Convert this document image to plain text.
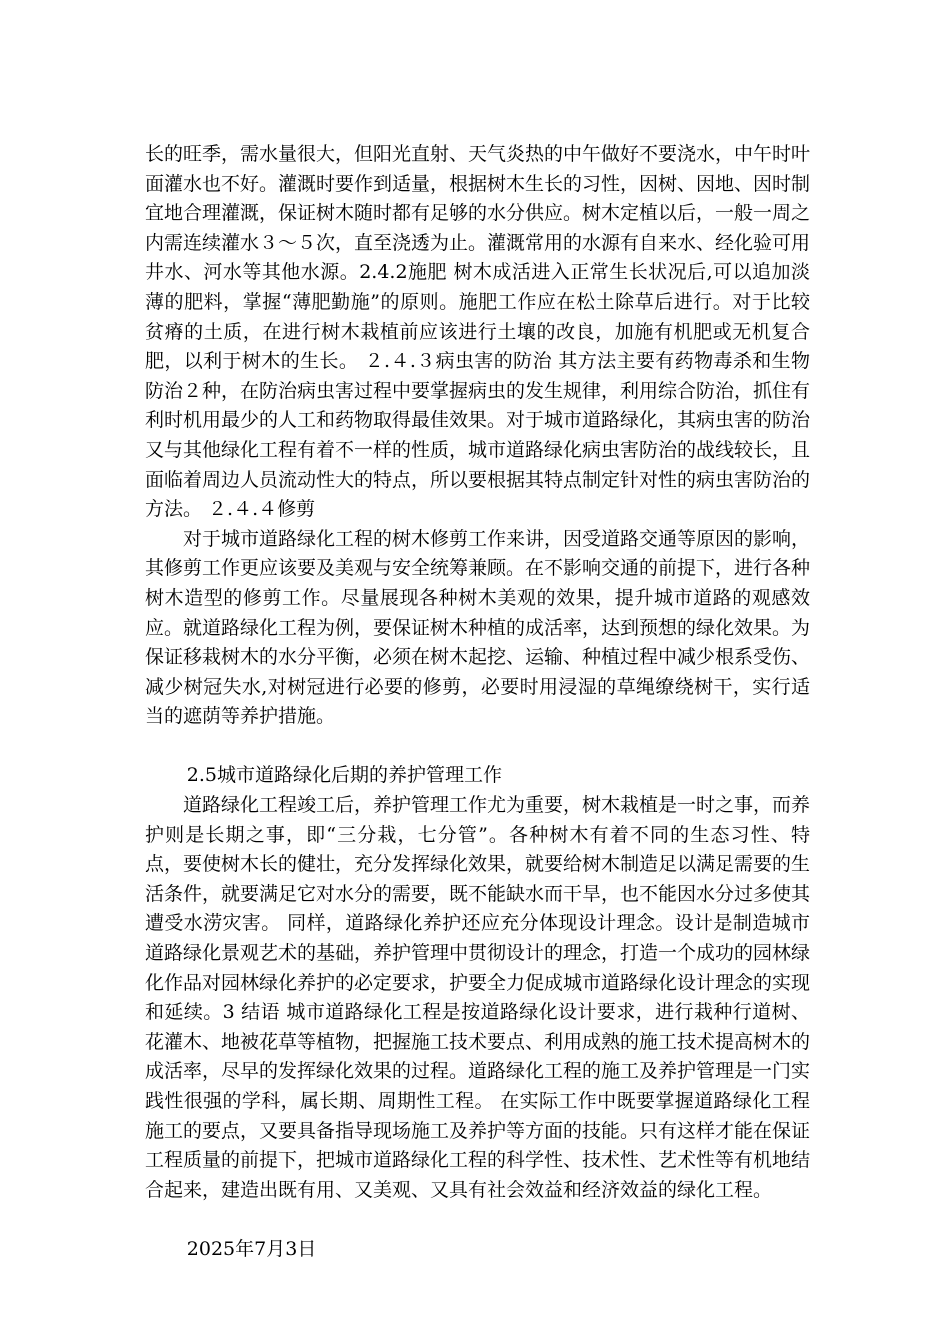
长的旺季，需水量很大，但阳光直射、天气炎热的中午做好不要浇水，中午时叶面灌水也不好。灌溉时要作到适量，根据树木生长的习性，因树、因地、因时制宜地合理灌溉，保证树木随时都有足够的水分供应。树木定植以后，一般一周之内需连续灌水３～５次，直至浇透为止。灌溉常用的水源有自来水、经化验可用井水、河水等其他水源。2.4.2施肥 树木成活进入正常生长状况后,可以追加淡薄的肥料，掌握“薄肥勤施”的原则。施肥工作应在松土除草后进行。对于比较贫瘠的土质，在进行树木栽植前应该进行土壤的改良，加施有机肥或无机复合肥，以利于树木的生长。 ２.４.３病虫害的防治 其方法主要有药物毒杀和生物防治２种，在防治病虫害过程中要掌握病虫的发生规律，利用综合防治，抓住有利时机用最少的人工和药物取得最佳效果。对于城市道路绿化，其病虫害的防治又与其他绿化工程有着不一样的性质，城市道路绿化病虫害防治的战线较长，且面临着周边人员流动性大的特点，所以要根据其特点制定针对性的病虫害防治的方法。 ２.４.４修剪

对于城市道路绿化工程的树木修剪工作来讲，因受道路交通等原因的影响，其修剪工作更应该要及美观与安全统筹兼顾。在不影响交通的前提下，进行各种树木造型的修剪工作。尽量展现各种树木美观的效果，提升城市道路的观感效应。就道路绿化工程为例，要保证树木种植的成活率，达到预想的绿化效果。为保证移栽树木的水分平衡，必须在树木起挖、运输、种植过程中减少根系受伤、减少树冠失水,对树冠进行必要的修剪，必要时用浸湿的草绳缭绕树干，实行适当的遮荫等养护措施。

2.5城市道路绿化后期的养护管理工作

道路绿化工程竣工后，养护管理工作尤为重要，树木栽植是一时之事，而养护则是长期之事，即“三分栽，七分管”。各种树木有着不同的生态习性、特点，要使树木长的健壮，充分发挥绿化效果，就要给树木制造足以满足需要的生活条件，就要满足它对水分的需要，既不能缺水而干旱，也不能因水分过多使其遭受水涝灾害。 同样，道路绿化养护还应充分体现设计理念。设计是制造城市道路绿化景观艺术的基础，养护管理中贯彻设计的理念，打造一个成功的园林绿化作品对园林绿化养护的必定要求，护要全力促成城市道路绿化设计理念的实现和延续。3 结语 城市道路绿化工程是按道路绿化设计要求，进行栽种行道树、花灌木、地被花草等植物，把握施工技术要点、利用成熟的施工技术提高树木的成活率，尽早的发挥绿化效果的过程。道路绿化工程的施工及养护管理是一门实践性很强的学科，属长期、周期性工程。 在实际工作中既要掌握道路绿化工程施工的要点，又要具备指导现场施工及养护等方面的技能。只有这样才能在保证工程质量的前提下，把城市道路绿化工程的科学性、技术性、艺术性等有机地结合起来，建造出既有用、又美观、又具有社会效益和经济效益的绿化工程。

2025年7月3日
